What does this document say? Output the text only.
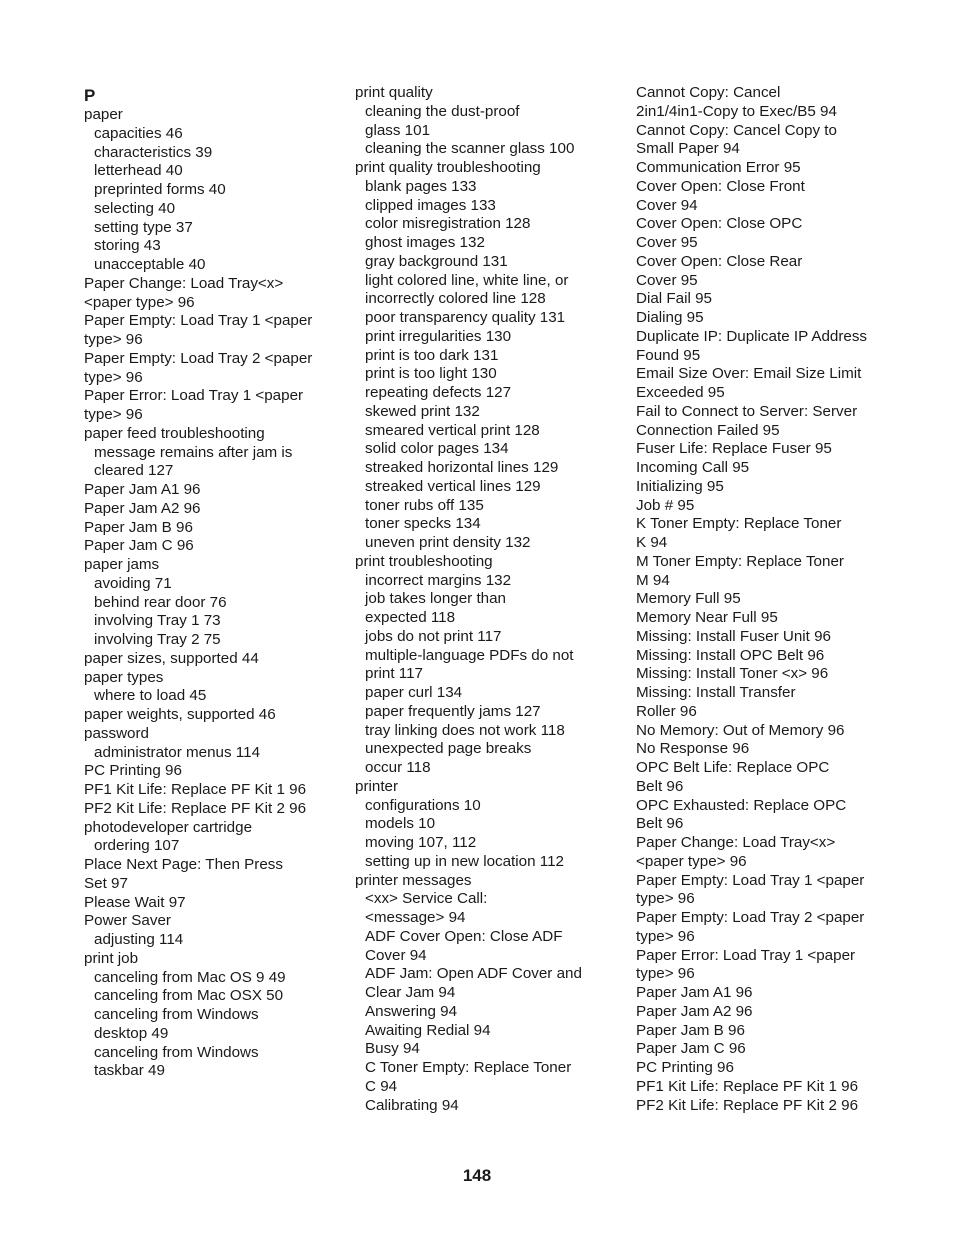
P
paper
capacities 46
characteristics 39
letterhead 40
preprinted forms 40
selecting 40
setting type 37
storing 43
unacceptable 40
Paper Change: Load Tray<x>
<paper type> 96
Paper Empty: Load Tray 1 <paper
type> 96
Paper Empty: Load Tray 2 <paper
type> 96
Paper Error: Load Tray 1 <paper
type> 96
paper feed troubleshooting
message remains after jam is
cleared 127
Paper Jam A1 96
Paper Jam A2 96
Paper Jam B 96
Paper Jam C 96
paper jams
avoiding 71
behind rear door 76
involving Tray 1 73
involving Tray 2 75
paper sizes, supported 44
paper types
where to load 45
paper weights, supported 46
password
administrator menus 114
PC Printing 96
PF1 Kit Life: Replace PF Kit 1 96
PF2 Kit Life: Replace PF Kit 2 96
photodeveloper cartridge
ordering 107
Place Next Page: Then Press
Set 97
Please Wait 97
Power Saver
adjusting 114
print job
canceling from Mac OS 9 49
canceling from Mac OSX 50
canceling from Windows
desktop 49
canceling from Windows
taskbar 49
print quality
cleaning the dust-proof
glass 101
cleaning the scanner glass 100
print quality troubleshooting
blank pages 133
clipped images 133
color misregistration 128
ghost images 132
gray background 131
light colored line, white line, or
incorrectly colored line 128
poor transparency quality 131
print irregularities 130
print is too dark 131
print is too light 130
repeating defects 127
skewed print 132
smeared vertical print 128
solid color pages 134
streaked horizontal lines 129
streaked vertical lines 129
toner rubs off 135
toner specks 134
uneven print density 132
print troubleshooting
incorrect margins 132
job takes longer than
expected 118
jobs do not print 117
multiple-language PDFs do not
print 117
paper curl 134
paper frequently jams 127
tray linking does not work 118
unexpected page breaks
occur 118
printer
configurations 10
models 10
moving 107, 112
setting up in new location 112
printer messages
<xx> Service Call:
<message> 94
ADF Cover Open: Close ADF
Cover 94
ADF Jam: Open ADF Cover and
Clear Jam 94
Answering 94
Awaiting Redial 94
Busy 94
C Toner Empty: Replace Toner
C 94
Calibrating 94
Cannot Copy: Cancel
2in1/4in1-Copy to Exec/B5 94
Cannot Copy: Cancel Copy to
Small Paper 94
Communication Error 95
Cover Open: Close Front
Cover 94
Cover Open: Close OPC
Cover 95
Cover Open: Close Rear
Cover 95
Dial Fail 95
Dialing 95
Duplicate IP: Duplicate IP Address
Found 95
Email Size Over: Email Size Limit
Exceeded 95
Fail to Connect to Server: Server
Connection Failed 95
Fuser Life: Replace Fuser 95
Incoming Call 95
Initializing 95
Job # 95
K Toner Empty: Replace Toner
K 94
M Toner Empty: Replace Toner
M 94
Memory Full 95
Memory Near Full 95
Missing: Install Fuser Unit 96
Missing: Install OPC Belt 96
Missing: Install Toner <x> 96
Missing: Install Transfer
Roller 96
No Memory: Out of Memory 96
No Response 96
OPC Belt Life: Replace OPC
Belt 96
OPC Exhausted: Replace OPC
Belt 96
Paper Change: Load Tray<x>
<paper type> 96
Paper Empty: Load Tray 1 <paper
type> 96
Paper Empty: Load Tray 2 <paper
type> 96
Paper Error: Load Tray 1 <paper
type> 96
Paper Jam A1 96
Paper Jam A2 96
Paper Jam B 96
Paper Jam C 96
PC Printing 96
PF1 Kit Life: Replace PF Kit 1 96
PF2 Kit Life: Replace PF Kit 2 96
148
